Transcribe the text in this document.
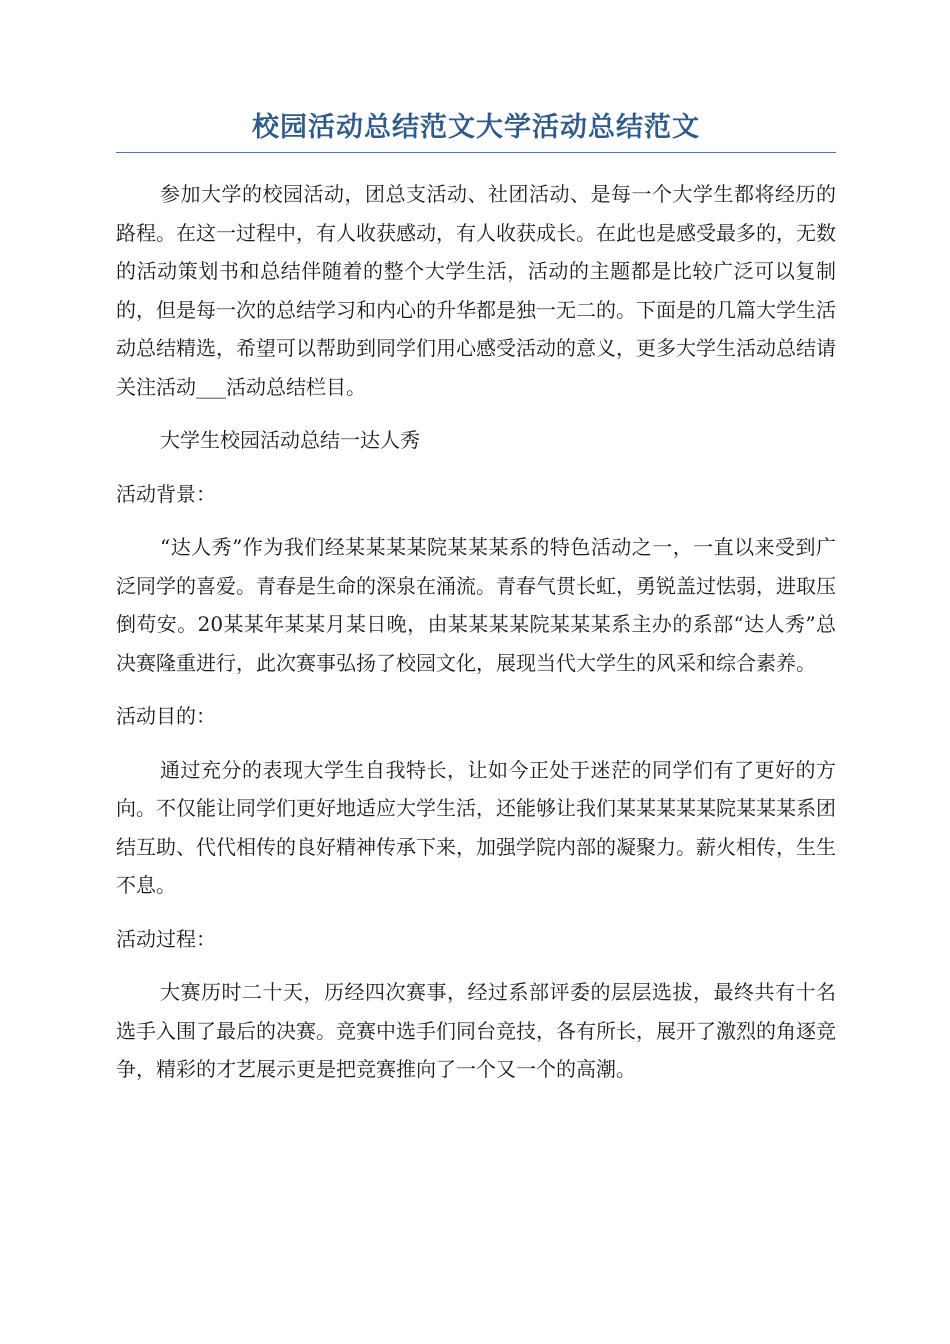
校园活动总结范文大学活动总结范文

参加大学的校园活动，团总支活动、社团活动、是每一个大学生都将经历的路程。在这一过程中，有人收获感动，有人收获成长。在此也是感受最多的，无数的活动策划书和总结伴随着的整个大学生活，活动的主题都是比较广泛可以复制的，但是每一次的总结学习和内心的升华都是独一无二的。下面是的几篇大学生活动总结精选，希望可以帮助到同学们用心感受活动的意义，更多大学生活动总结请关注活动___活动总结栏目。

大学生校园活动总结一达人秀

活动背景：

“达人秀”作为我们经某某某某院某某某系的特色活动之一，一直以来受到广泛同学的喜爱。青春是生命的深泉在涌流。青春气贯长虹，勇锐盖过怯弱，进取压倒苟安。20某某年某某月某日晚，由某某某某院某某某系主办的系部“达人秀”总决赛隆重进行，此次赛事弘扬了校园文化，展现当代大学生的风采和综合素养。

活动目的：

通过充分的表现大学生自我特长，让如今正处于迷茫的同学们有了更好的方向。不仅能让同学们更好地适应大学生活，还能够让我们某某某某某院某某某系团结互助、代代相传的良好精神传承下来，加强学院内部的凝聚力。薪火相传，生生不息。

活动过程：

大赛历时二十天，历经四次赛事，经过系部评委的层层选拔，最终共有十名选手入围了最后的决赛。竞赛中选手们同台竞技，各有所长，展开了激烈的角逐竞争，精彩的才艺展示更是把竞赛推向了一个又一个的高潮。
